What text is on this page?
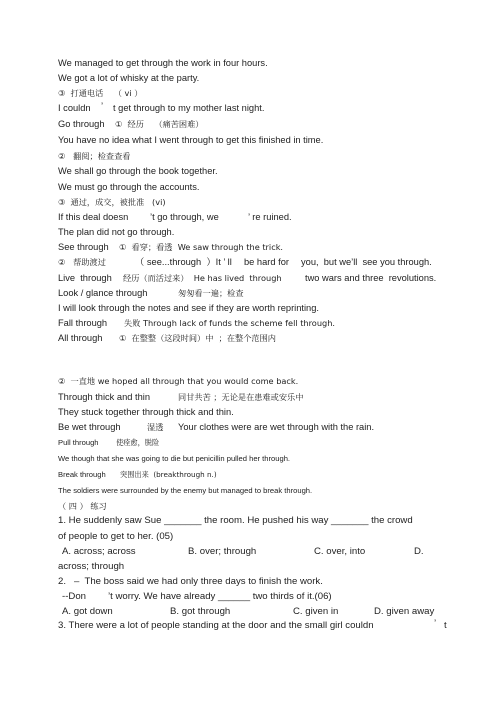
We managed to get through the work in four hours.
We got a lot of whisky at the party.
③  打通电话    （ vi ）
I couldn ’ t get through to my mother last night.
Go through ①  经历    （痛苦困难）
You have no idea what I went through to get this finished in time.
②   翻阅；检查查看
We shall go through the book together.
We must go through the accounts.
③  通过，成交，被批准   (vi)
If this deal doesn ’t go through, we	’ re ruined.
The plan did not go through.
See through ①  看穿；看透  We saw through the trick.
②   帮助渡过	（ see...through  ）It ’ ll be hard for you,  but we’ll  see you through.
Live  through 经历（而活过来）  He has lived  through	two wars and three  revolutions.
Look / glance through	匆匆看一遍；检查
I will look through the notes and see if they are worth reprinting.
Fall through 失败 Through lack of funds the scheme fell through.
All through ①  在整整（这段时间）中  ；在整个范围内
②  一直地 we hoped all through that you would come back.
Through thick and thin	同甘共苦 ；无论是在患难或安乐中
They stuck together through thick and thin.
Be wet through	湿透 Your clothes were are wet through with the rain.
Pull through 使痊愈，脱险
We though that she was going to die but penicillin pulled her through.
Break through 突围出来  (breakthrough n.)
The soldiers were surrounded by the enemy but managed to break through.
（ 四 ） 练习
1. He suddenly saw Sue _______ the room. He pushed his way _______ the crowd
of people to get to her. (05)
A. across; across	B. over; through	C. over, into	D.
across; through
2.   –  The boss said we had only three days to finish the work.
--Don ’t worry. We have already ______ two thirds of it.(06)
A. got down	B. got through	C. given in	D. given away
3. There were a lot of people standing at the door and the small girl couldn	’ t
